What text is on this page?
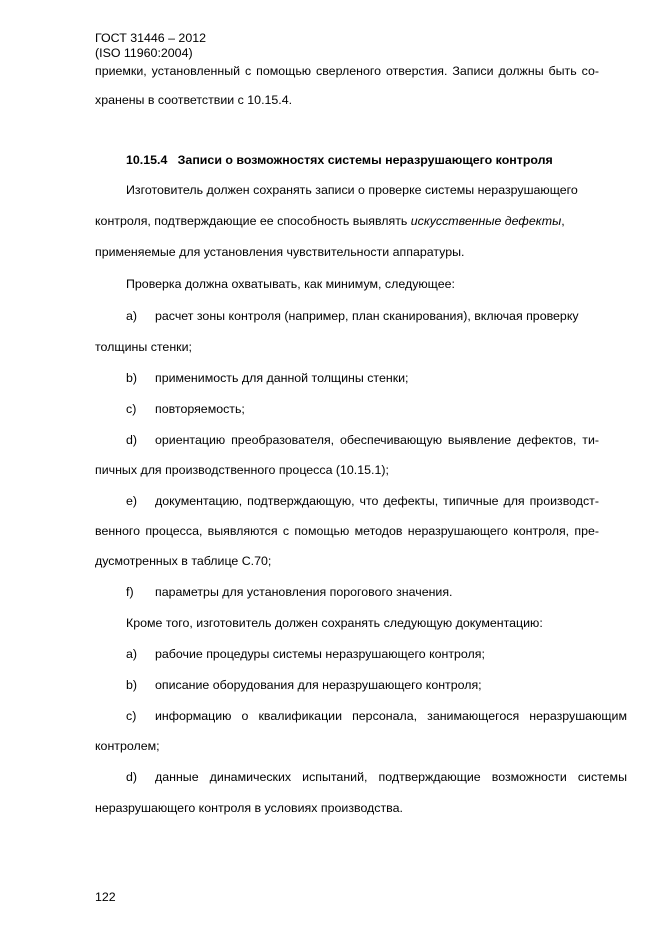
ГОСТ 31446 – 2012
(ISO 11960:2004)
приемки, установленный с помощью сверленого отверстия. Записи должны быть со-
хранены в соответствии с 10.15.4.
10.15.4 Записи о возможностях системы неразрушающего контроля
Изготовитель должен сохранять записи о проверке системы неразрушающего
контроля, подтверждающие ее способность выявлять искусственные дефекты,
применяемые для установления чувствительности аппаратуры.
Проверка должна охватывать, как минимум, следующее:
a) расчет зоны контроля (например, план сканирования), включая проверку
толщины стенки;
b) применимость для данной толщины стенки;
c) повторяемость;
d) ориентацию преобразователя, обеспечивающую выявление дефектов, ти-
пичных для производственного процесса (10.15.1);
e) документацию, подтверждающую, что дефекты, типичные для производст-
венного процесса, выявляются с помощью методов неразрушающего контроля, пре-
дусмотренных в таблице С.70;
f) параметры для установления порогового значения.
Кроме того, изготовитель должен сохранять следующую документацию:
a) рабочие процедуры системы неразрушающего контроля;
b) описание оборудования для неразрушающего контроля;
c) информацию о квалификации персонала, занимающегося неразрушающим
контролем;
d) данные динамических испытаний, подтверждающие возможности системы
неразрушающего контроля в условиях производства.
122
